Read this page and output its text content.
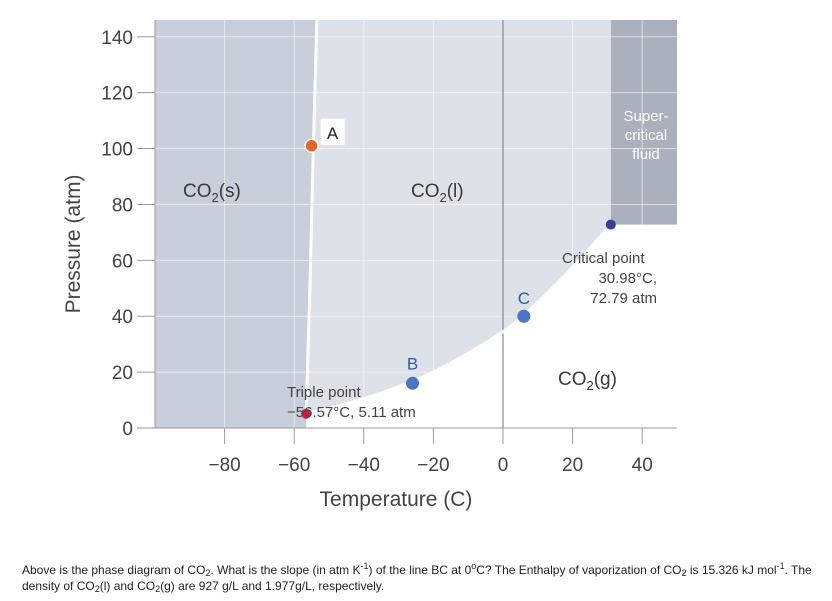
0
20
40
60
80
100
120
140
−80 −60 −40 −20	0	20	40
Temperature (C)
Pressure (atm)	$CO_2(s)$	$CO_2(l)$
$CO_2(g)$
Super-
critical
fluid
A
B
C
Triple point
−56.57°C, 5.11 atm
Critical point
30.98°C,
72.79 atm
Above is the phase diagram of $CO_2$. What is the slope (in atm $K^{-1}$) of the line BC at 0$^o$C? The Enthalpy of vaporization of $CO_2$ is 15.326 kJ mol$^{-1}$. The density of $CO_2(l)$ and $CO_2(g)$ are 927 g/L and 1.977g/L, respectively.
